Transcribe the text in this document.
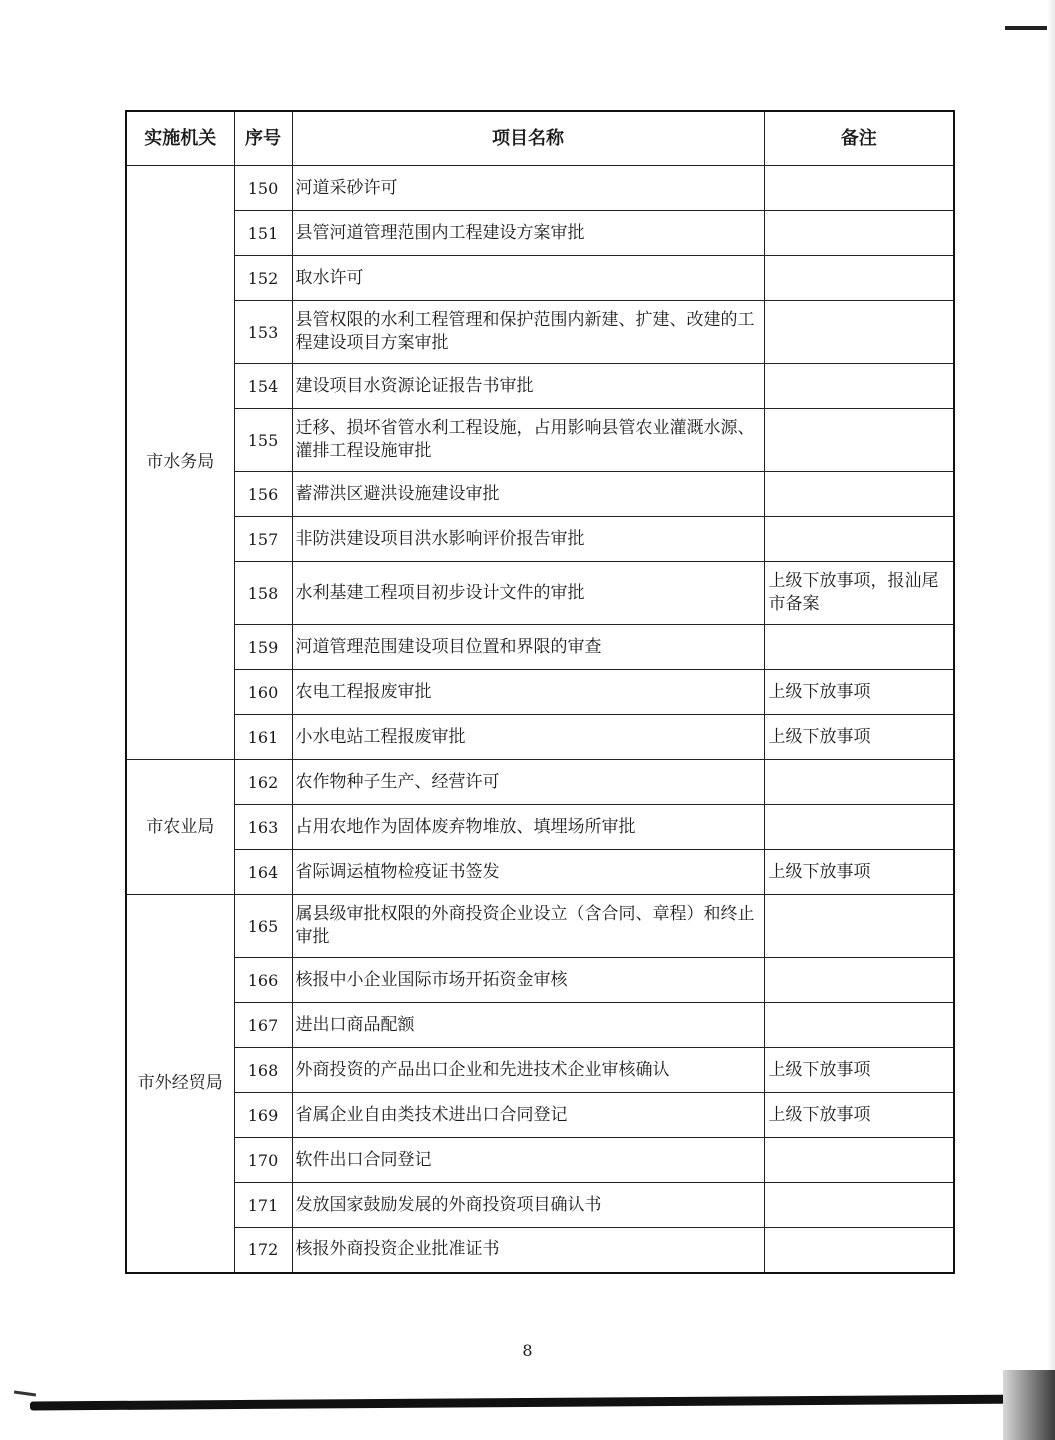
实施机关	序号	项目名称	备注
市水务局	150	河道采砂许可	
	151	县管河道管理范围内工程建设方案审批	
	152	取水许可	
	153	县管权限的水利工程管理和保护范围内新建、扩建、改建的工程建设项目方案审批	
	154	建设项目水资源论证报告书审批	
	155	迁移、损坏省管水利工程设施，占用影响县管农业灌溉水源、灌排工程设施审批	
	156	蓄滞洪区避洪设施建设审批	
	157	非防洪建设项目洪水影响评价报告审批	
	158	水利基建工程项目初步设计文件的审批	上级下放事项，报汕尾市备案
	159	河道管理范围建设项目位置和界限的审查	
	160	农电工程报废审批	上级下放事项
	161	小水电站工程报废审批	上级下放事项
市农业局	162	农作物种子生产、经营许可	
	163	占用农地作为固体废弃物堆放、填埋场所审批	
	164	省际调运植物检疫证书签发	上级下放事项
市外经贸局	165	属县级审批权限的外商投资企业设立（含合同、章程）和终止审批	
	166	核报中小企业国际市场开拓资金审核	
	167	进出口商品配额	
	168	外商投资的产品出口企业和先进技术企业审核确认	上级下放事项
	169	省属企业自由类技术进出口合同登记	上级下放事项
	170	软件出口合同登记	
	171	发放国家鼓励发展的外商投资项目确认书	
	172	核报外商投资企业批准证书	
8
